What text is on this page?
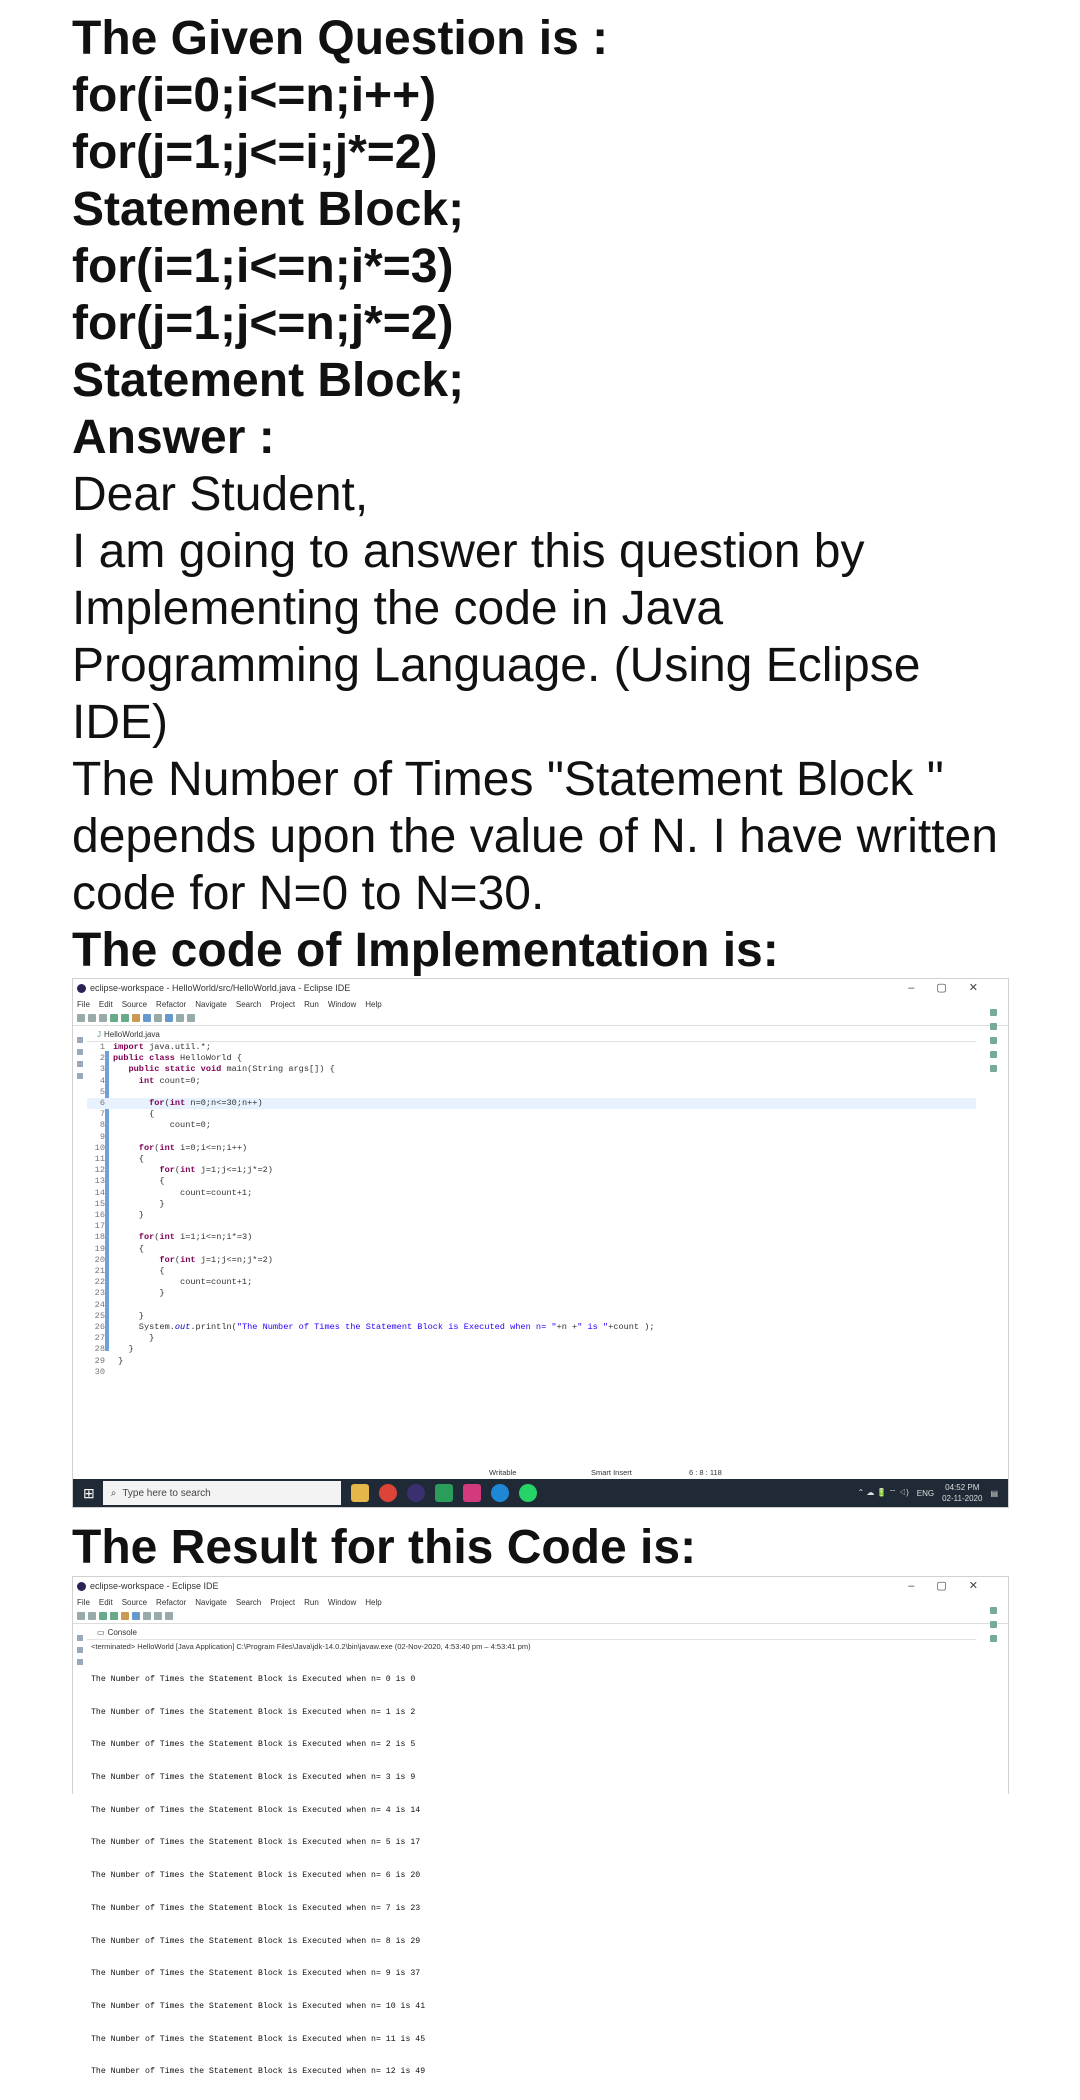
The Given Question is :

for(i=0;i<=n;i++)

for(j=1;j<=i;j*=2)

Statement Block;

for(i=1;i<=n;i*=3)

for(j=1;j<=n;j*=2)

Statement Block;

Answer :

Dear Student,

I am going to answer this question by

Implementing the code in Java

Programming Language. (Using Eclipse

IDE)

The Number of Times "Statement Block "

depends upon the value of N. I have written

code for N=0 to N=30.

The code of Implementation is:

eclipse-workspace - HelloWorld/src/HelloWorld.java - Eclipse IDE	–▢✕
File Edit Source Refactor Navigate Search Project Run Window Help
J HelloWorld.java
1 import java.util.*;
2 public class HelloWorld {
3	public static void main(String args[]) {
4	int count=0;
5
6	for(int n=0;n<=30;n++)
7       {
8           count=0;
9
10	for(int i=0;i<=n;i++)
11     {
12	for(int j=1;j<=i;j*=2)
13         {
14             count=count+1;
15         }
16     }
17
18	for(int i=1;i<=n;i*=3)
19     {
20	for(int j=1;j<=n;j*=2)
21         {
22             count=count+1;
23         }
24
25     }
26     System.out.println("The Number of Times the Statement Block is Executed when n= "+n +" is "+count );
27       }
28   }
29 }
30
Writable	Smart Insert	6 : 8 : 118
⊞ ⌕ Type here to search	⌃ ☁ 🔋 ⌔ ◁) ENG
04:52 PM
02-11-2020
▤
The Result for this Code is:
eclipse-workspace - Eclipse IDE	–▢✕
File Edit Source Refactor Navigate Search Project Run Window Help
▭ Console
<terminated> HelloWorld [Java Application] C:\Program Files\Java\jdk-14.0.2\bin\javaw.exe (02-Nov-2020, 4:53:40 pm – 4:53:41 pm)

The Number of Times the Statement Block is Executed when n= 0 is 0

The Number of Times the Statement Block is Executed when n= 1 is 2

The Number of Times the Statement Block is Executed when n= 2 is 5

The Number of Times the Statement Block is Executed when n= 3 is 9

The Number of Times the Statement Block is Executed when n= 4 is 14

The Number of Times the Statement Block is Executed when n= 5 is 17

The Number of Times the Statement Block is Executed when n= 6 is 20

The Number of Times the Statement Block is Executed when n= 7 is 23

The Number of Times the Statement Block is Executed when n= 8 is 29

The Number of Times the Statement Block is Executed when n= 9 is 37

The Number of Times the Statement Block is Executed when n= 10 is 41

The Number of Times the Statement Block is Executed when n= 11 is 45

The Number of Times the Statement Block is Executed when n= 12 is 49
